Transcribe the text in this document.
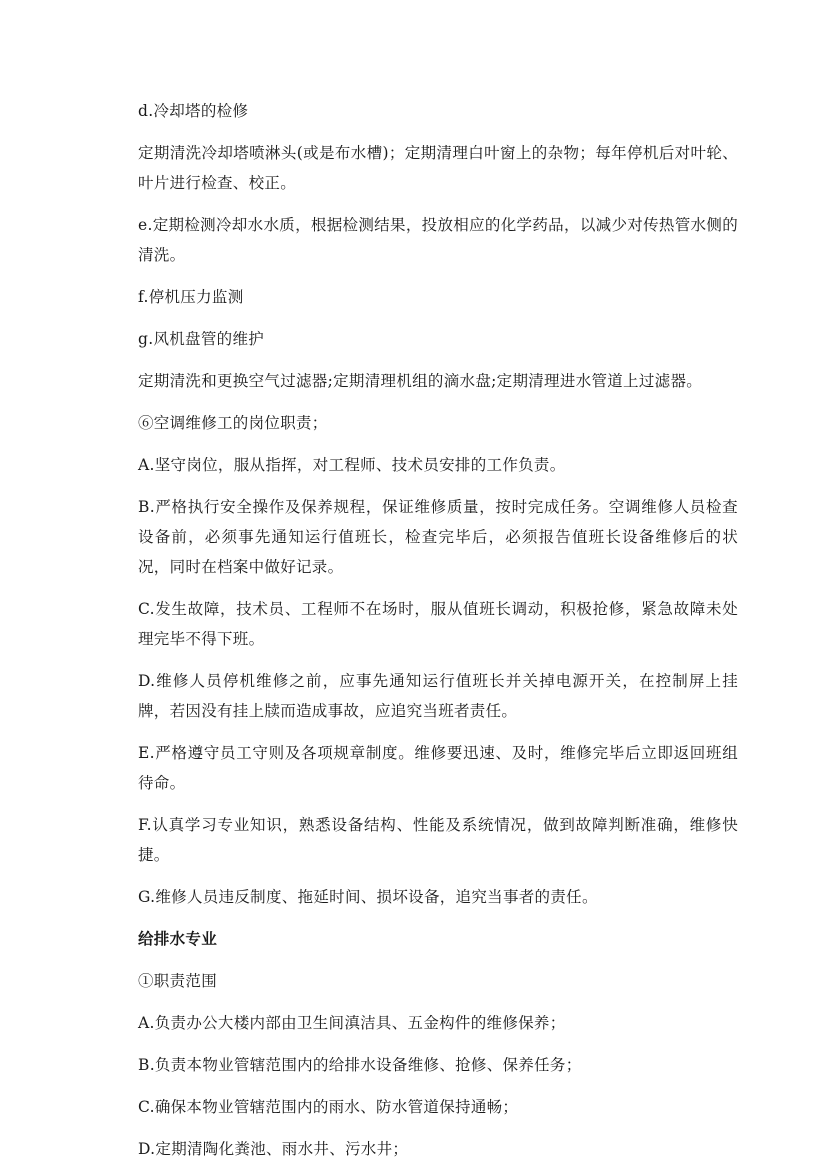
d.冷却塔的检修

定期清洗冷却塔喷淋头(或是布水槽)；定期清理白叶窗上的杂物；每年停机后对叶轮、叶片进行检查、校正。

e.定期检测冷却水水质，根据检测结果，投放相应的化学药品，以减少对传热管水侧的清洗。

f.停机压力监测

g.风机盘管的维护

定期清洗和更换空气过滤器;定期清理机组的滴水盘;定期清理进水管道上过滤器。

⑥空调维修工的岗位职责；

A.坚守岗位，服从指挥，对工程师、技术员安排的工作负责。

B.严格执行安全操作及保养规程，保证维修质量，按时完成任务。空调维修人员检查设备前，必须事先通知运行值班长，检查完毕后，必须报告值班长设备维修后的状况，同时在档案中做好记录。

C.发生故障，技术员、工程师不在场时，服从值班长调动，积极抢修，紧急故障未处理完毕不得下班。

D.维修人员停机维修之前，应事先通知运行值班长并关掉电源开关，在控制屏上挂牌，若因没有挂上牍而造成事故，应追究当班者责任。

E.严格遵守员工守则及各项规章制度。维修要迅速、及时，维修完毕后立即返回班组待命。

F.认真学习专业知识，熟悉设备结构、性能及系统情况，做到故障判断准确，维修快捷。

G.维修人员违反制度、拖延时间、损坏设备，追究当事者的责任。

给排水专业

①职责范围

A.负责办公大楼内部由卫生间滇洁具、五金构件的维修保养；

B.负责本物业管辖范围内的给排水设备维修、抢修、保养任务；

C.确保本物业管辖范围内的雨水、防水管道保持通畅；

D.定期清陶化粪池、雨水井、污水井；
